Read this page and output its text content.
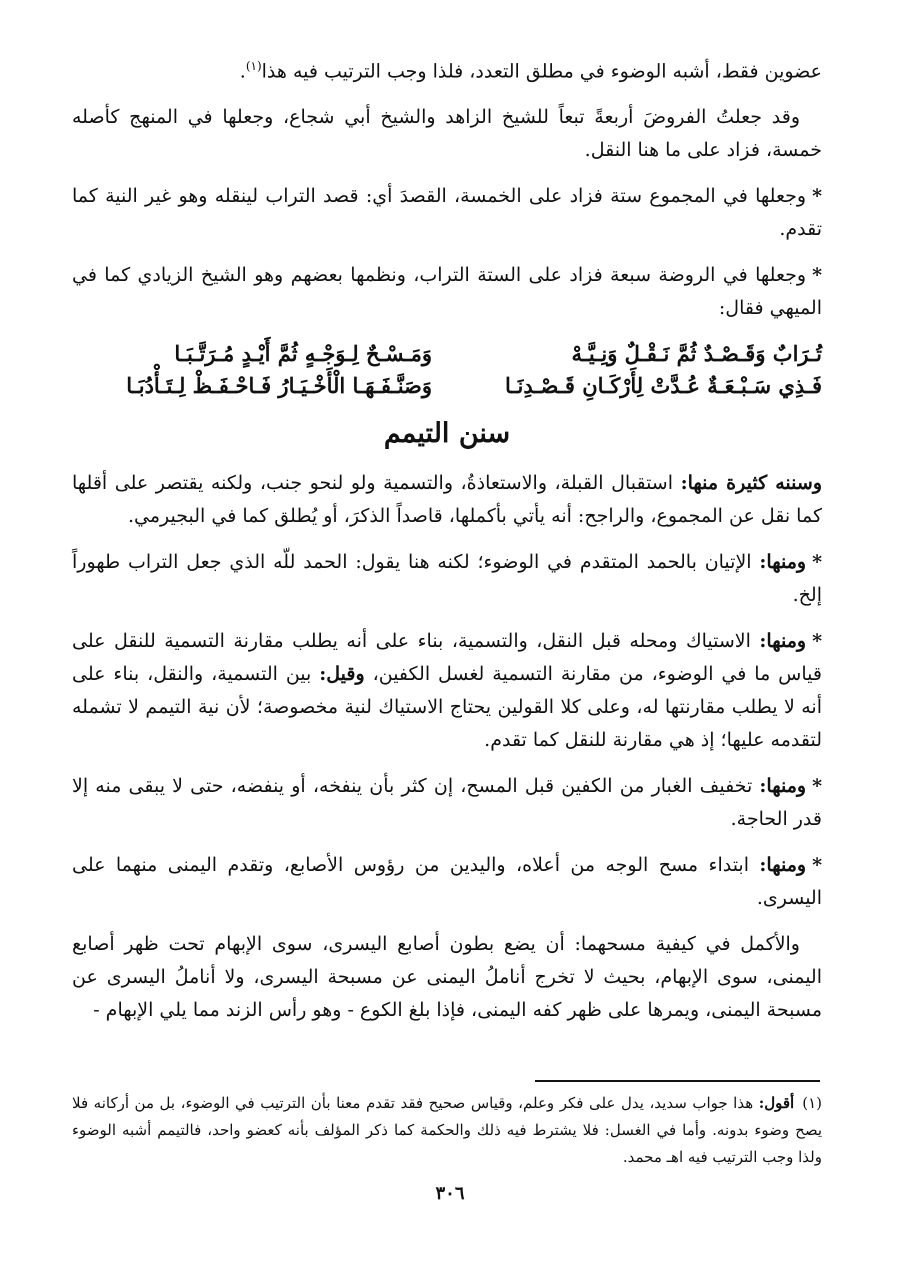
عضوين فقط، أشبه الوضوء في مطلق التعدد، فلذا وجب الترتيب فيه هذا$^{(١)}$.

وقد جعلتُ الفروضَ أربعةً تبعاً للشيخ الزاهد والشيخ أبي شجاع، وجعلها في المنهج كأصله خمسة، فزاد على ما هنا النقل.

*وجعلها في المجموع ستة فزاد على الخمسة، القصدَ أي: قصد التراب لينقله وهو غير النية كما تقدم.

*وجعلها في الروضة سبعة فزاد على الستة التراب، ونظمها بعضهم وهو الشيخ الزيادي كما في الميهي فقال:

تُـرَابٌ وَقَـصْـدٌ ثُمَّ نَـقْـلٌ وَنِـيَّـهْ
وَمَـسْـحٌ لِـوَجْـهٍ ثُمَّ أَيْـدٍ مُـرَتَّـبَـا
فَـذِي سَـبْـعَـةٌ عُـدَّتْ لِأَرْكَـانِ قَـصْـدِنَـا
وَصَنَّـفَـهَـا الْأَخْـيَـارُ فَـاحْـفَـظْ لِـتَـأْدُبَـا
سنن التيمم

وسننه كثيرة منها: استقبال القبلة، والاستعاذةُ، والتسمية ولو لنحو جنب، ولكنه يقتصر على أقلها كما نقل عن المجموع، والراجح: أنه يأتي بأكملها، قاصداً الذكرَ، أو يُطلق كما في البجيرمي.

*ومنها: الإتيان بالحمد المتقدم في الوضوء؛ لكنه هنا يقول: الحمد للّه الذي جعل التراب طهوراً إلخ.

*ومنها: الاستياك ومحله قبل النقل، والتسمية، بناء على أنه يطلب مقارنة التسمية للنقل على قياس ما في الوضوء، من مقارنة التسمية لغسل الكفين، وقيل: بين التسمية، والنقل، بناء على أنه لا يطلب مقارنتها له، وعلى كلا القولين يحتاج الاستياك لنية مخصوصة؛ لأن نية التيمم لا تشمله لتقدمه عليها؛ إذ هي مقارنة للنقل كما تقدم.

*ومنها: تخفيف الغبار من الكفين قبل المسح، إن كثر بأن ينفخه، أو ينفضه، حتى لا يبقى منه إلا قدر الحاجة.

*ومنها: ابتداء مسح الوجه من أعلاه، واليدين من رؤوس الأصابع، وتقدم اليمنى منهما على اليسرى.

والأكمل في كيفية مسحهما: أن يضع بطون أصابع اليسرى، سوى الإبهام تحت ظهر أصابع اليمنى، سوى الإبهام، بحيث لا تخرج أناملُ اليمنى عن مسبحة اليسرى، ولا أناملُ اليسرى عن مسبحة اليمنى، ويمرها على ظهر كفه اليمنى، فإذا بلغ الكوع - وهو رأس الزند مما يلي الإبهام -

(١)أقول: هذا جواب سديد، يدل على فكر وعلم، وقياس صحيح فقد تقدم معنا بأن الترتيب في الوضوء، بل من أركانه فلا يصح وضوء بدونه. وأما في الغسل: فلا يشترط فيه ذلك والحكمة كما ذكر المؤلف بأنه كعضو واحد، فالتيمم أشبه الوضوء ولذا وجب الترتيب فيه اهـ محمد.
٣٠٦
